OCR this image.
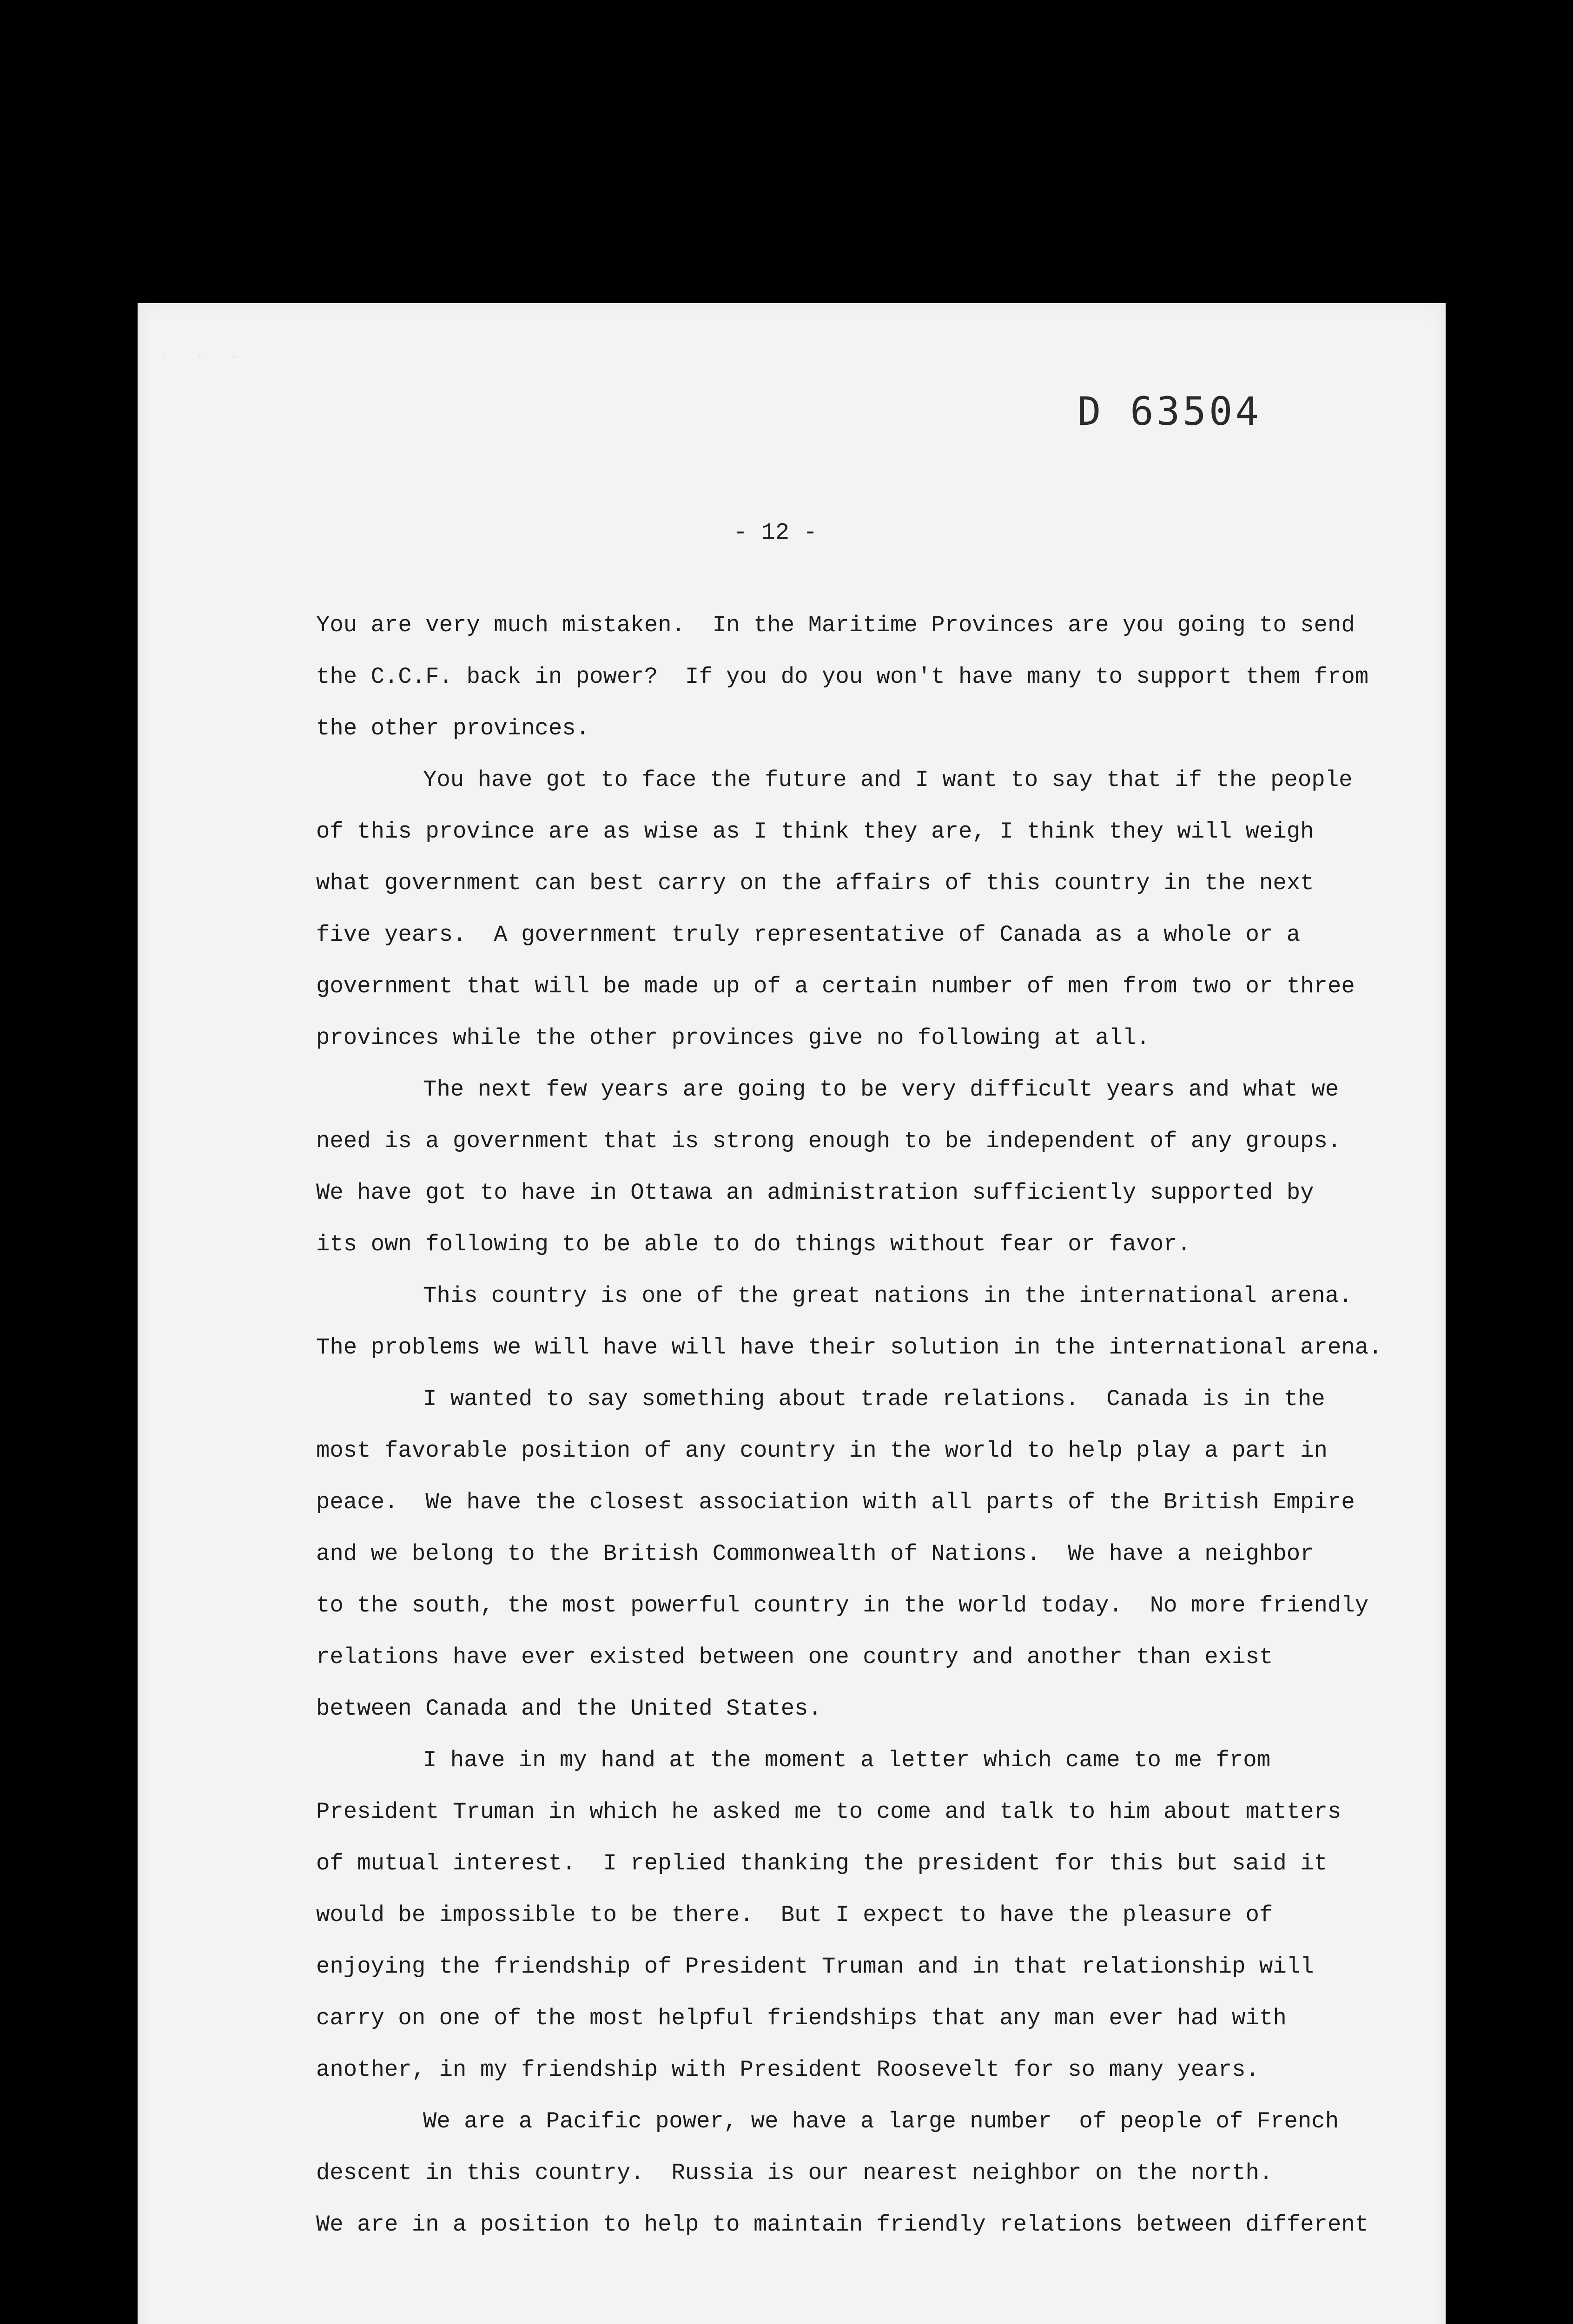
· · ·
D 63504
- 12 -
You are very much mistaken.  In the Maritime Provinces are you going to send
the C.C.F. back in power?  If you do you won't have many to support them from
the other provinces.
You have got to face the future and I want to say that if the people
of this province are as wise as I think they are, I think they will weigh
what government can best carry on the affairs of this country in the next
five years.  A government truly representative of Canada as a whole or a
government that will be made up of a certain number of men from two or three
provinces while the other provinces give no following at all.
The next few years are going to be very difficult years and what we
need is a government that is strong enough to be independent of any groups.
We have got to have in Ottawa an administration sufficiently supported by
its own following to be able to do things without fear or favor.
This country is one of the great nations in the international arena.
The problems we will have will have their solution in the international arena.
I wanted to say something about trade relations.  Canada is in the
most favorable position of any country in the world to help play a part in
peace.  We have the closest association with all parts of the British Empire
and we belong to the British Commonwealth of Nations.  We have a neighbor
to the south, the most powerful country in the world today.  No more friendly
relations have ever existed between one country and another than exist
between Canada and the United States.
I have in my hand at the moment a letter which came to me from
President Truman in which he asked me to come and talk to him about matters
of mutual interest.  I replied thanking the president for this but said it
would be impossible to be there.  But I expect to have the pleasure of
enjoying the friendship of President Truman and in that relationship will
carry on one of the most helpful friendships that any man ever had with
another, in my friendship with President Roosevelt for so many years.
We are a Pacific power, we have a large number  of people of French
descent in this country.  Russia is our nearest neighbor on the north.
We are in a position to help to maintain friendly relations between different
